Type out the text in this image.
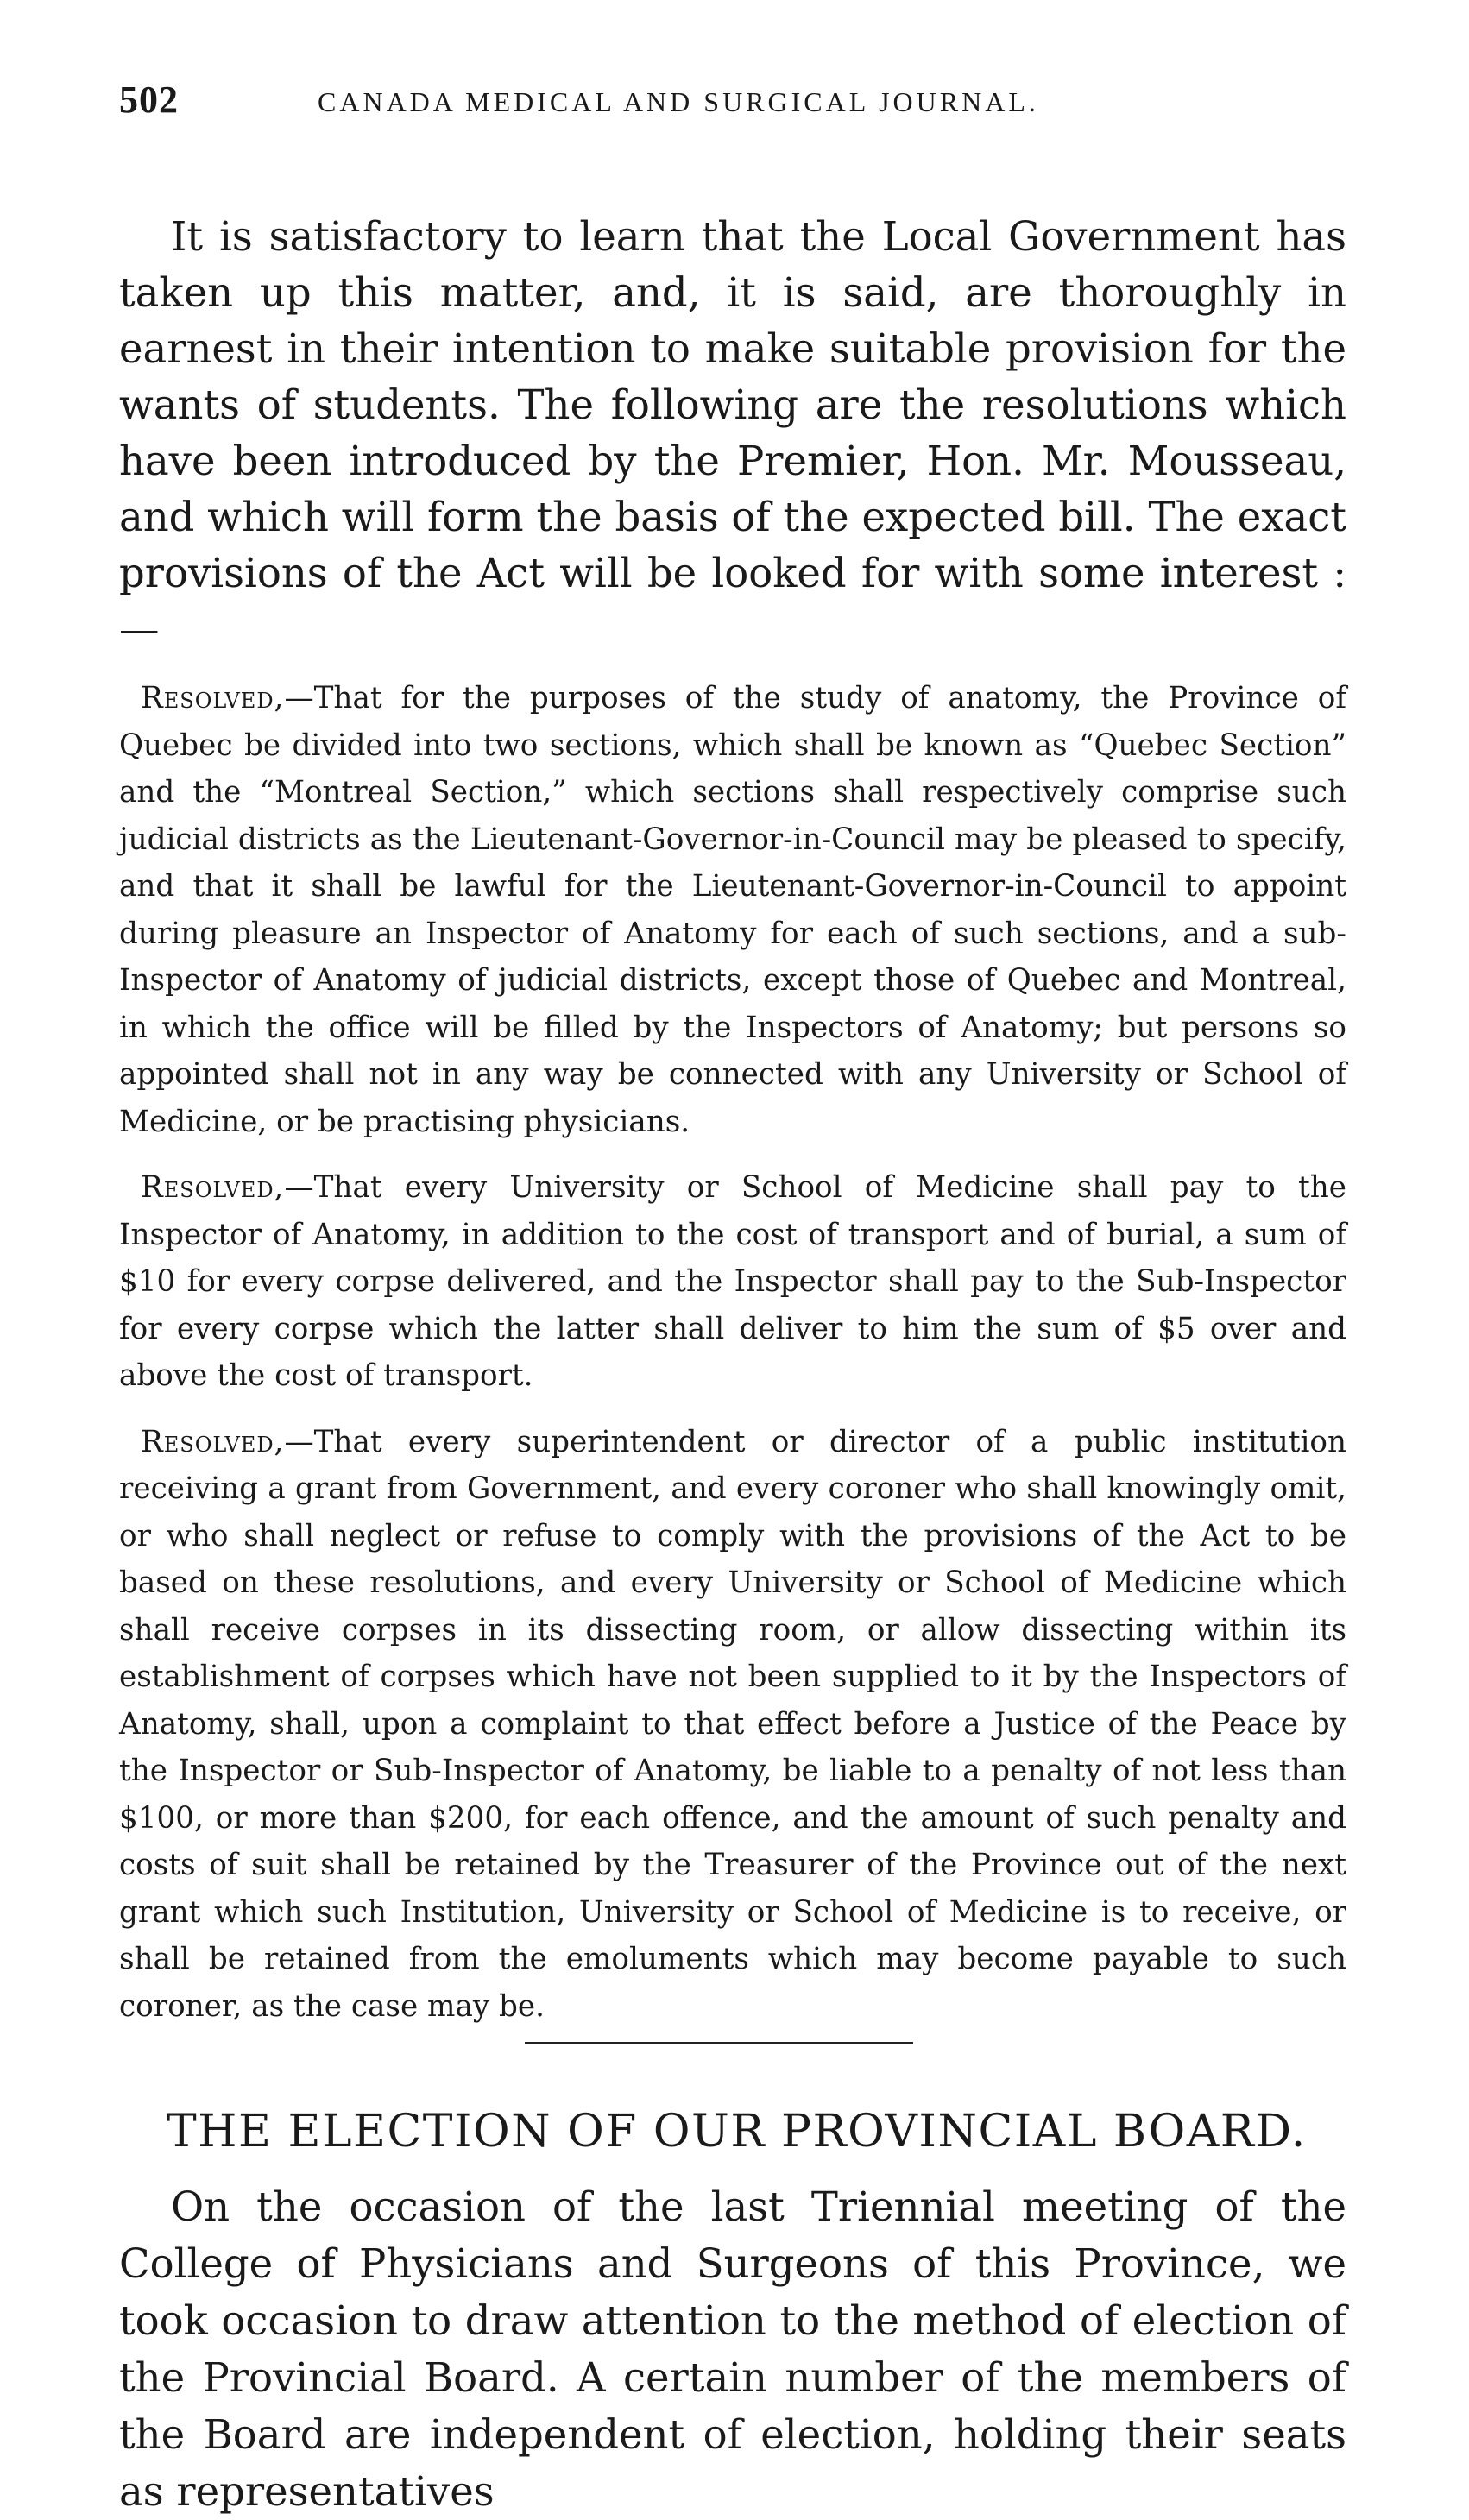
502	CANADA MEDICAL AND SURGICAL JOURNAL.

It is satisfactory to learn that the Local Government has taken up this matter, and, it is said, are thoroughly in earnest in their intention to make suitable provision for the wants of students. The following are the resolutions which have been introduced by the Premier, Hon. Mr. Mousseau, and which will form the basis of the expected bill. The exact provisions of the Act will be looked for with some interest :—

Resolved,—That for the purposes of the study of anatomy, the Province of Quebec be divided into two sections, which shall be known as “Quebec Section” and the “Montreal Section,” which sections shall respectively comprise such judicial districts as the Lieutenant-Governor-in-Council may be pleased to specify, and that it shall be lawful for the Lieutenant-Governor-in-Council to appoint during pleasure an Inspector of Anatomy for each of such sections, and a sub-Inspector of Anatomy of judicial districts, except those of Quebec and Montreal, in which the office will be filled by the Inspectors of Anatomy; but persons so appointed shall not in any way be connected with any University or School of Medicine, or be practising physicians.

Resolved,—That every University or School of Medicine shall pay to the Inspector of Anatomy, in addition to the cost of transport and of burial, a sum of $10 for every corpse delivered, and the Inspector shall pay to the Sub-Inspector for every corpse which the latter shall deliver to him the sum of $5 over and above the cost of transport.

Resolved,—That every superintendent or director of a public institution receiving a grant from Government, and every coroner who shall knowingly omit, or who shall neglect or refuse to comply with the provisions of the Act to be based on these resolutions, and every University or School of Medicine which shall receive corpses in its dissecting room, or allow dissecting within its establishment of corpses which have not been supplied to it by the Inspectors of Anatomy, shall, upon a complaint to that effect before a Justice of the Peace by the Inspector or Sub-Inspector of Anatomy, be liable to a penalty of not less than $100, or more than $200, for each offence, and the amount of such penalty and costs of suit shall be retained by the Treasurer of the Province out of the next grant which such Institution, University or School of Medicine is to receive, or shall be retained from the emoluments which may become payable to such coroner, as the case may be.

THE ELECTION OF OUR PROVINCIAL BOARD.

On the occasion of the last Triennial meeting of the College of Physicians and Surgeons of this Province, we took occasion to draw attention to the method of election of the Provincial Board. A certain number of the members of the Board are independent of election, holding their seats as representatives
